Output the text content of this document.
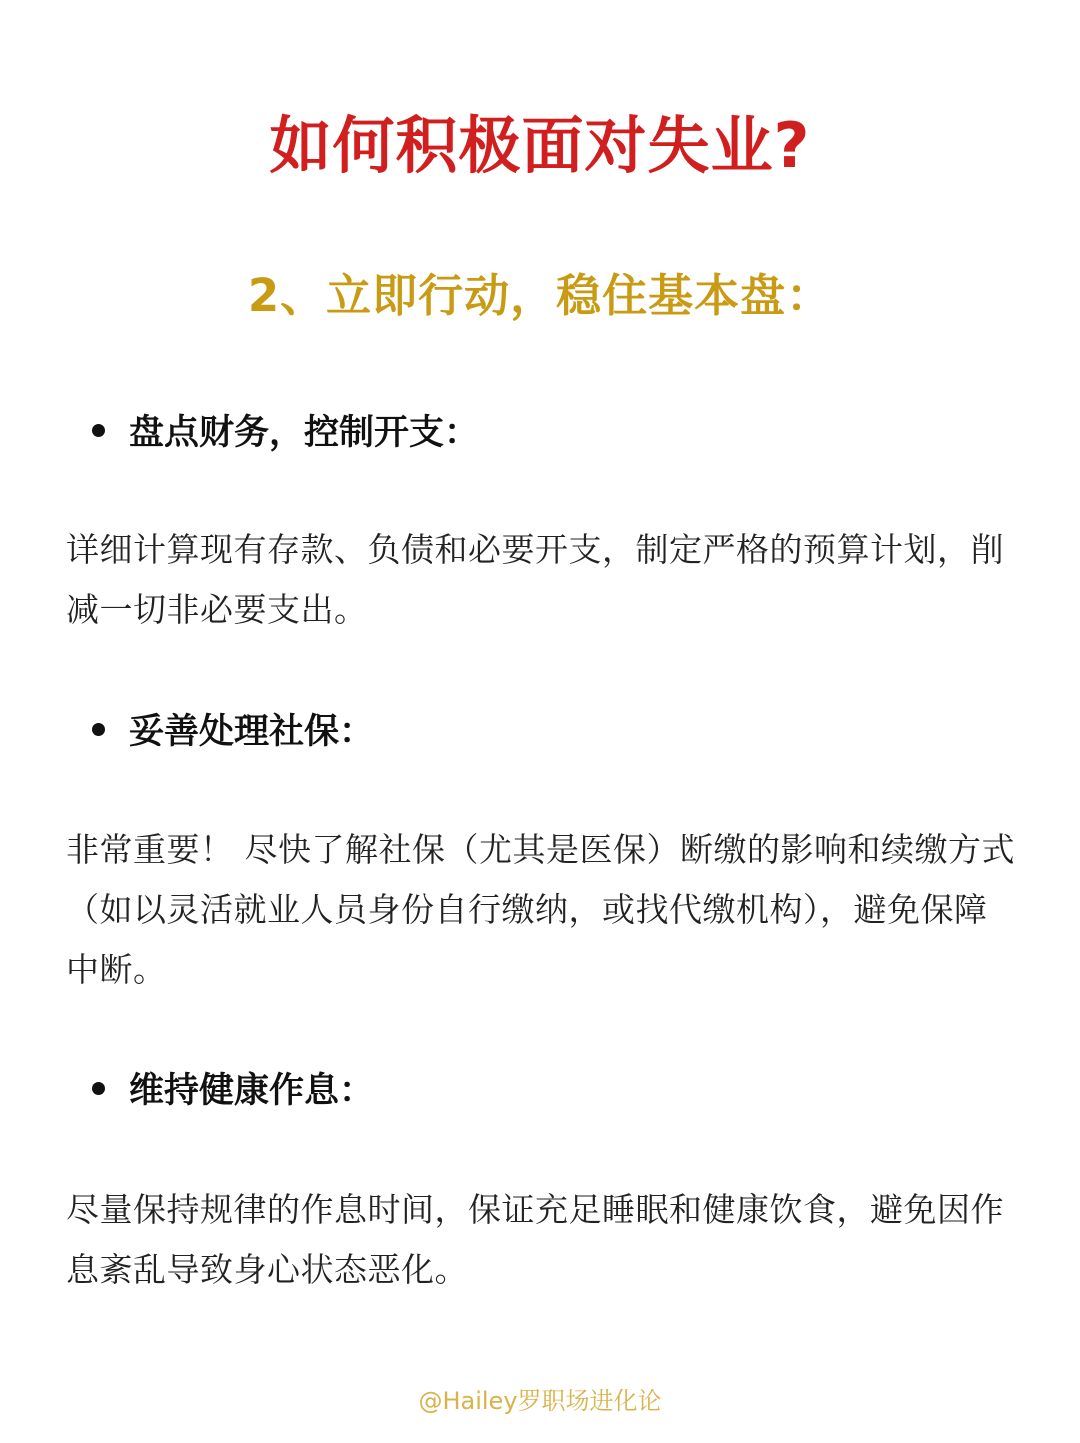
如何积极面对失业?
2、立即行动，稳住基本盘：
盘点财务，控制开支：
详细计算现有存款、负债和必要开支，制定严格的预算计划，削减一切非必要支出。
妥善处理社保：
非常重要！ 尽快了解社保（尤其是医保）断缴的影响和续缴方式（如以灵活就业人员身份自行缴纳，或找代缴机构），避免保障中断。
维持健康作息：
尽量保持规律的作息时间，保证充足睡眠和健康饮食，避免因作息紊乱导致身心状态恶化。
@Hailey罗职场进化论
